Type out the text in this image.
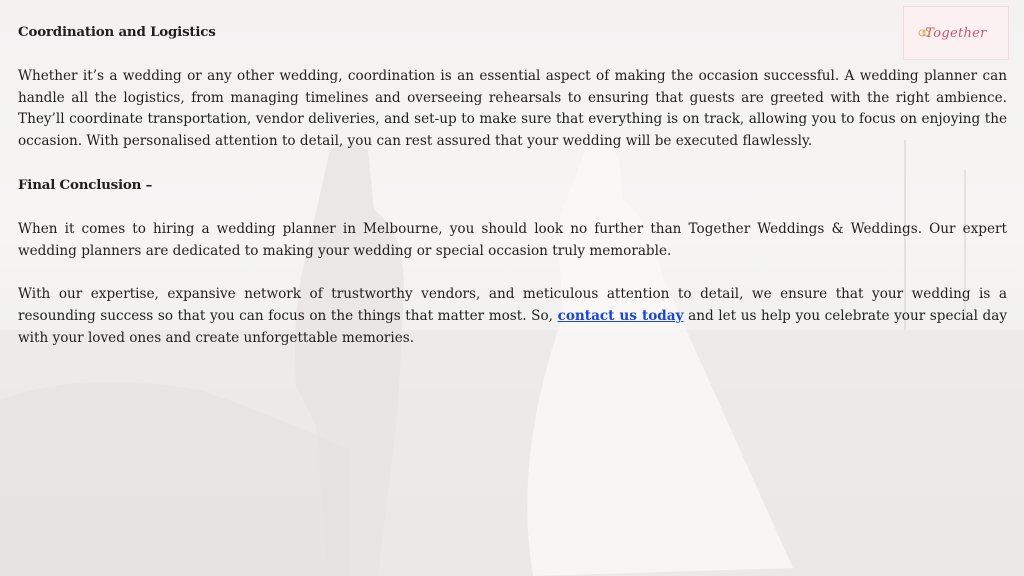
Together

Coordination and Logistics

Whether it’s a wedding or any other wedding, coordination is an essential aspect of making the occasion successful. A wedding planner can handle all the logistics, from managing timelines and overseeing rehearsals to ensuring that guests are greeted with the right ambience. They’ll coordinate transportation, vendor deliveries, and set-up to make sure that everything is on track, allowing you to focus on enjoying the occasion. With personalised attention to detail, you can rest assured that your wedding will be executed flawlessly.

Final Conclusion –

When it comes to hiring a wedding planner in Melbourne, you should look no further than Together Weddings & Weddings. Our expert wedding planners are dedicated to making your wedding or special occasion truly memorable.

With our expertise, expansive network of trustworthy vendors, and meticulous attention to detail, we ensure that your wedding is a resounding success so that you can focus on the things that matter most. So, contact us today and let us help you celebrate your special day with your loved ones and create unforgettable memories.
